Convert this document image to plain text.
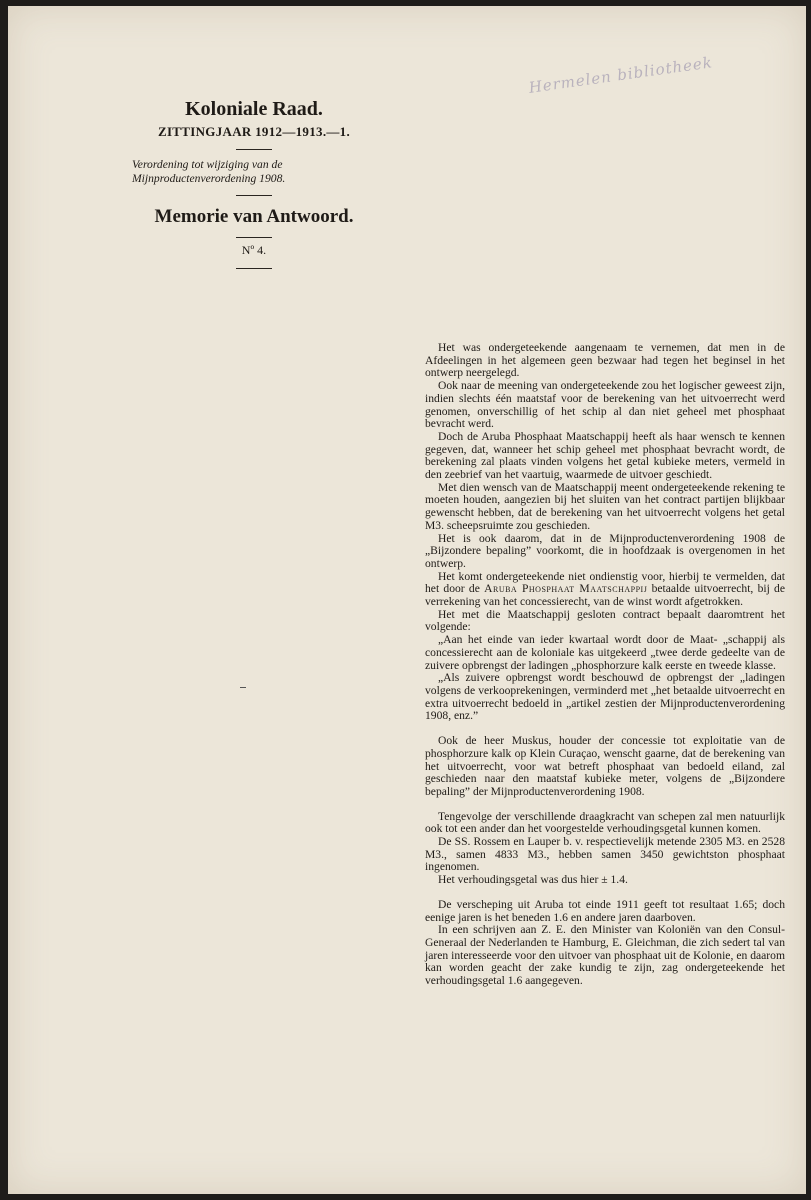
Hermelen bibliotheek
Koloniale Raad.
ZITTINGJAAR 1912—1913.—1.
Verordening tot wijziging van de Mijnproductenverordening 1908.
Memorie van Antwoord.
Nº 4.

Het was ondergeteekende aangenaam te vernemen, dat men in de Afdeelingen in het algemeen geen bezwaar had tegen het beginsel in het ontwerp neergelegd.

Ook naar de meening van ondergeteekende zou het logischer geweest zijn, indien slechts één maatstaf voor de berekening van het uitvoerrecht werd genomen, onverschillig of het schip al dan niet geheel met phosphaat bevracht werd.

Doch de Aruba Phosphaat Maatschappij heeft als haar wensch te kennen gegeven, dat, wanneer het schip geheel met phosphaat bevracht wordt, de berekening zal plaats vinden volgens het getal kubieke meters, vermeld in den zeebrief van het vaartuig, waarmede de uitvoer geschiedt.

Met dien wensch van de Maatschappij meent ondergeteekende rekening te moeten houden, aangezien bij het sluiten van het contract partijen blijkbaar gewenscht hebben, dat de berekening van het uitvoerrecht volgens het getal M3. scheepsruimte zou geschieden.

Het is ook daarom, dat in de Mijnproductenverordening 1908 de „Bijzondere bepaling” voorkomt, die in hoofdzaak is overgenomen in het ontwerp.

Het komt ondergeteekende niet ondienstig voor, hierbij te vermelden, dat het door de Aruba Phosphaat Maatschappij betaalde uitvoerrecht, bij de verrekening van het concessierecht, van de winst wordt afgetrokken.

Het met die Maatschappij gesloten contract bepaalt daaromtrent het volgende:

„Aan het einde van ieder kwartaal wordt door de Maat- „schappij als concessierecht aan de koloniale kas uitgekeerd „twee derde gedeelte van de zuivere opbrengst der ladingen „phosphorzure kalk eerste en tweede klasse.

„Als zuivere opbrengst wordt beschouwd de opbrengst der „ladingen volgens de verkooprekeningen, verminderd met „het betaalde uitvoerrecht en extra uitvoerrecht bedoeld in „artikel zestien der Mijnproductenverordening 1908, enz.”

Ook de heer Muskus, houder der concessie tot exploitatie van de phosphorzure kalk op Klein Curaçao, wenscht gaarne, dat de berekening van het uitvoerrecht, voor wat betreft phosphaat van bedoeld eiland, zal geschieden naar den maatstaf kubieke meter, volgens de „Bijzondere bepaling” der Mijnproductenverordening 1908.

Tengevolge der verschillende draagkracht van schepen zal men natuurlijk ook tot een ander dan het voorgestelde verhoudingsgetal kunnen komen.

De SS. Rossem en Lauper b. v. respectievelijk metende 2305 M3. en 2528 M3., samen 4833 M3., hebben samen 3450 gewichtston phosphaat ingenomen.

Het verhoudingsgetal was dus hier ± 1.4.

De verscheping uit Aruba tot einde 1911 geeft tot resultaat 1.65; doch eenige jaren is het beneden 1.6 en andere jaren daarboven.

In een schrijven aan Z. E. den Minister van Koloniën van den Consul-Generaal der Nederlanden te Hamburg, E. Gleichman, die zich sedert tal van jaren interesseerde voor den uitvoer van phosphaat uit de Kolonie, en daarom kan worden geacht der zake kundig te zijn, zag ondergeteekende het verhoudingsgetal 1.6 aangegeven.
